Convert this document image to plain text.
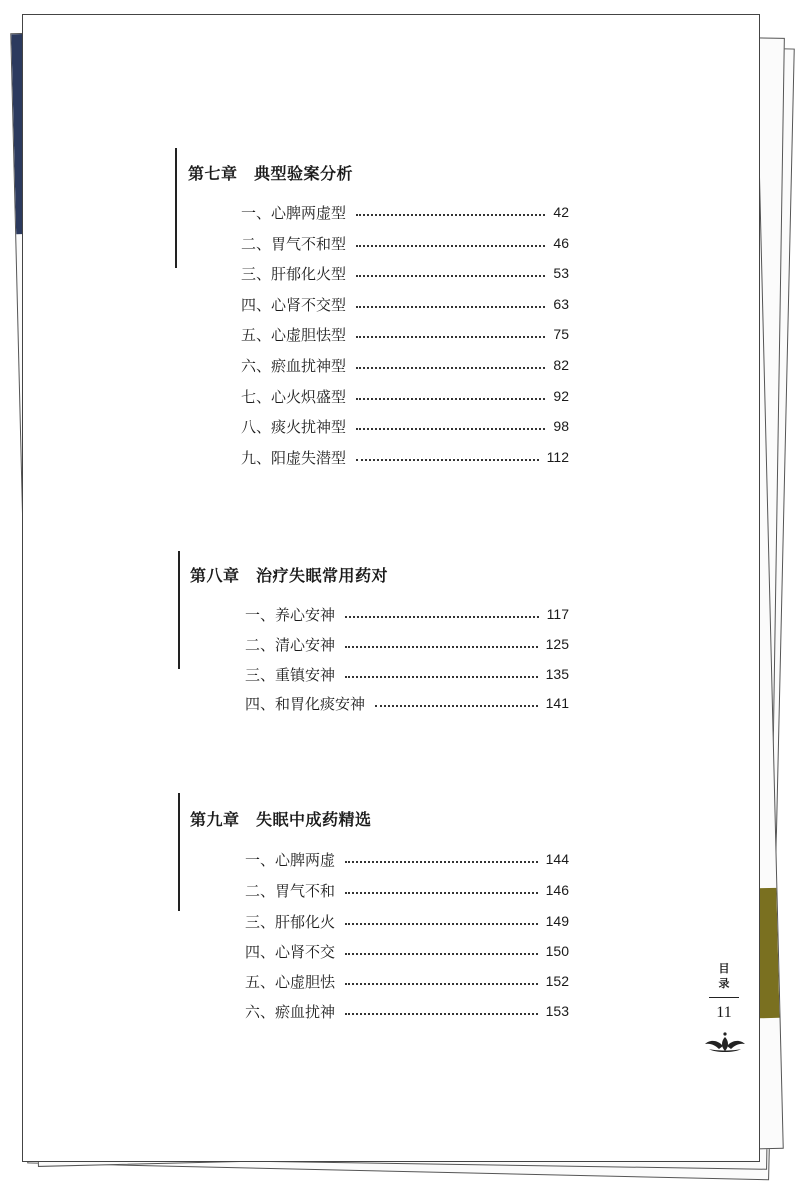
第七章　典型验案分析
一、心脾两虚型	42
二、胃气不和型	46
三、肝郁化火型	53
四、心肾不交型	63
五、心虚胆怯型	75
六、瘀血扰神型	82
七、心火炽盛型	92
八、痰火扰神型	98
九、阳虚失潜型	112
第八章　治疗失眠常用药对
一、养心安神	117
二、清心安神	125
三、重镇安神	135
四、和胃化痰安神	141
第九章　失眠中成药精选
一、心脾两虚	144
二、胃气不和	146
三、肝郁化火	149
四、心肾不交	150
五、心虚胆怯	152
六、瘀血扰神	153
目
录
11
